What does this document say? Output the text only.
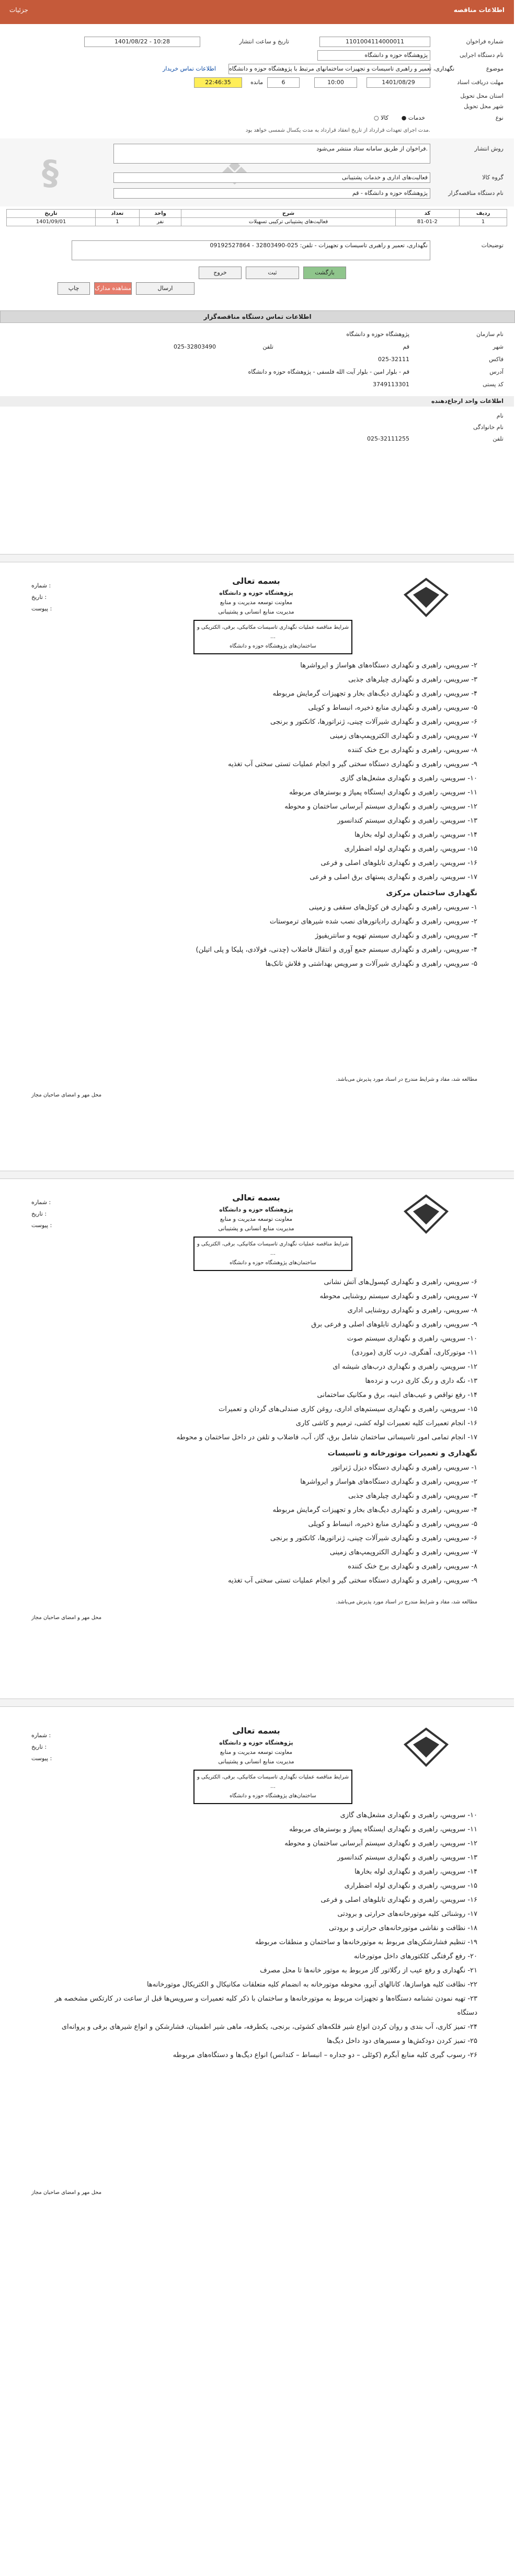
اطلاعات مناقصه
جزئیات
شماره فراخوان
1101004114000011
تاریخ و ساعت انتشار
1401/08/22 - 10:28
نام دستگاه اجرایی
پژوهشگاه حوزه و دانشگاه
موضوع
نگهداری، تعمیر و راهبری تاسیسات و تجهیزات ساختمانهای مرتبط با پژوهشگاه حوزه و دانشگاه
اطلاعات تماس خریدار
مهلت دریافت اسناد
1401/08/29
10:00
6
مانده
22:46:35
استان محل تحویل
شهر محل تحویل
نوع
● خدمات
○ کالا
مدت اجرای تعهدات قرارداد از تاریخ انعقاد قرارداد به مدت یکسال شمسی خواهد بود.
§
روش انتشار
فراخوان از طریق سامانه ستاد منتشر می‌شود.
گروه کالا
فعالیت‌های اداری و خدمات پشتیبانی
نام دستگاه مناقصه‌گزار
پژوهشگاه حوزه و دانشگاه - قم
تاریخ	تعداد	واحد	شرح	کد	ردیف
1401/09/01	1	نفر	فعالیت‌های پشتیبانی ترکیبی تسهیلات	81-01-2	1
توضیحات
نگهداری، تعمیر و راهبری تاسیسات و تجهیزات - تلفن: 025-32803490 - 09192527864
بازگشت
ثبت
خروج
ارسال
مشاهده مدارک
چاپ
اطلاعات تماس دستگاه مناقصه‌گزار
نام سازمان
پژوهشگاه حوزه و دانشگاه
شهر
قم
تلفن
025-32803490
فاکس
025-32111
آدرس
قم - بلوار امین - بلوار آیت الله فلسفی - پژوهشگاه حوزه و دانشگاه
کد پستی
3749113301
اطلاعات واحد ارجاع‌دهنده
نام
نام خانوادگی
تلفن
025-32111255
شماره :
تاریخ :
پیوست :
بسمه تعالی
پژوهشگاه حوزه و دانشگاه
معاونت توسعه مدیریت و منابع
مدیریت منابع انسانی و پشتیبانی
شرایط مناقصه عملیات نگهداری تاسیسات مکانیکی، برقی، الکتریکی و …
ساختمان‌های پژوهشگاه حوزه و دانشگاه
۲- سرویس، راهبری و نگهداری دستگاه‌های هواساز و ایرواشرها
۳- سرویس، راهبری و نگهداری چیلرهای جذبی
۴- سرویس، راهبری و نگهداری دیگ‌های بخار و تجهیزات گرمایش مربوطه
۵- سرویس، راهبری و نگهداری منابع ذخیره، انبساط و کویلی
۶- سرویس، راهبری و نگهداری شیرآلات چینی، ژنراتورها، کانکتور و برنجی
۷- سرویس، راهبری و نگهداری الکتروپمپ‌های زمینی
۸- سرویس، راهبری و نگهداری برج خنک کننده
۹- سرویس، راهبری و نگهداری دستگاه سختی گیر و انجام عملیات تستی سختی آب تغذیه
۱۰- سرویس، راهبری و نگهداری مشعل‌های گازی
۱۱- سرویس، راهبری و نگهداری ایستگاه پمپاژ و بوسترهای مربوطه
۱۲- سرویس، راهبری و نگهداری سیستم آبرسانی ساختمان و محوطه
۱۳- سرویس، راهبری و نگهداری سیستم کندانسور
۱۴- سرویس، راهبری و نگهداری لوله بخارها
۱۵- سرویس، راهبری و نگهداری لوله اضطراری
۱۶- سرویس، راهبری و نگهداری تابلوهای اصلی و فرعی
۱۷- سرویس، راهبری و نگهداری پستهای برق اصلی و فرعی
نگهداری ساختمان مرکزی
۱- سرویس، راهبری و نگهداری فن کوئل‌های سقفی و زمینی
۲- سرویس، راهبری و نگهداری رادیاتورهای نصب شده شیرهای ترموستات
۳- سرویس، راهبری و نگهداری سیستم تهویه و سانتریفیوژ
۴- سرویس، راهبری و نگهداری سیستم جمع آوری و انتقال فاضلاب (چدنی، فولادی، پلیکا و پلی اتیلن)
۵- سرویس، راهبری و نگهداری شیرآلات و سرویس بهداشتی و فلاش تانک‌ها
مطالعه شد، مفاد و شرایط مندرج در اسناد مورد پذیرش می‌باشد.
محل مهر و امضای صاحبان مجاز
شماره :
تاریخ :
پیوست :
بسمه تعالی
پژوهشگاه حوزه و دانشگاه
معاونت توسعه مدیریت و منابع
مدیریت منابع انسانی و پشتیبانی
شرایط مناقصه عملیات نگهداری تاسیسات مکانیکی، برقی، الکتریکی و …
ساختمان‌های پژوهشگاه حوزه و دانشگاه
۶- سرویس، راهبری و نگهداری کپسول‌های آتش نشانی
۷- سرویس، راهبری و نگهداری سیستم روشنایی محوطه
۸- سرویس، راهبری و نگهداری روشنایی اداری
۹- سرویس، راهبری و نگهداری تابلوهای اصلی و فرعی برق
۱۰- سرویس، راهبری و نگهداری سیستم صوت
۱۱- موتورکاری، آهنگری، درب کاری (موردی)
۱۲- سرویس، راهبری و نگهداری درب‌های شیشه ای
۱۳- نگه داری و رنگ کاری درب و نرده‌ها
۱۴- رفع نواقص و عیب‌های ابنیه، برق و مکانیک ساختمانی
۱۵- سرویس، راهبری و نگهداری سیستم‌های اداری، روغن کاری صندلی‌های گردان و تعمیرات
۱۶- انجام تعمیرات کلیه تعمیرات لوله کشی، ترمیم و کاشی کاری
۱۷- انجام تمامی امور تاسیساتی ساختمان شامل برق، گاز، آب، فاضلاب و تلفن در داخل ساختمان و محوطه
نگهداری و تعمیرات موتورخانه و تاسیسات
۱- سرویس، راهبری و نگهداری دستگاه دیزل ژنراتور
۲- سرویس، راهبری و نگهداری دستگاه‌های هواساز و ایرواشرها
۳- سرویس، راهبری و نگهداری چیلرهای جذبی
۴- سرویس، راهبری و نگهداری دیگ‌های بخار و تجهیزات گرمایش مربوطه
۵- سرویس، راهبری و نگهداری منابع ذخیره، انبساط و کویلی
۶- سرویس، راهبری و نگهداری شیرآلات چینی، ژنراتورها، کانکتور و برنجی
۷- سرویس، راهبری و نگهداری الکتروپمپ‌های زمینی
۸- سرویس، راهبری و نگهداری برج خنک کننده
۹- سرویس، راهبری و نگهداری دستگاه سختی گیر و انجام عملیات تستی سختی آب تغذیه
مطالعه شد، مفاد و شرایط مندرج در اسناد مورد پذیرش می‌باشد.
محل مهر و امضای صاحبان مجاز
شماره :
تاریخ :
پیوست :
بسمه تعالی
پژوهشگاه حوزه و دانشگاه
معاونت توسعه مدیریت و منابع
مدیریت منابع انسانی و پشتیبانی
شرایط مناقصه عملیات نگهداری تاسیسات مکانیکی، برقی، الکتریکی و …
ساختمان‌های پژوهشگاه حوزه و دانشگاه
۱۰- سرویس، راهبری و نگهداری مشعل‌های گازی
۱۱- سرویس، راهبری و نگهداری ایستگاه پمپاژ و بوسترهای مربوطه
۱۲- سرویس، راهبری و نگهداری سیستم آبرسانی ساختمان و محوطه
۱۳- سرویس، راهبری و نگهداری سیستم کندانسور
۱۴- سرویس، راهبری و نگهداری لوله بخارها
۱۵- سرویس، راهبری و نگهداری لوله اضطراری
۱۶- سرویس، راهبری و نگهداری تابلوهای اصلی و فرعی
۱۷- روشنائی کلیه موتورخانه‌های حرارتی و برودتی
۱۸- نظافت و نقاشی موتورخانه‌های حرارتی و برودتی
۱۹- تنظیم فشارشکن‌های مربوط به موتورخانه‌ها و ساختمان و منطقات مربوطه
۲۰- رفع گرفتگی کلکتورهای داخل موتورخانه
۲۱- نگهداری و رفع عیب از رگلاتور گاز مربوط به موتور خانه‌ها تا محل مصرف
۲۲- نظافت کلیه هواسازها، کانالهای آبرو، محوطه موتورخانه به انضمام کلیه متعلقات مکانیکال و الکتریکال موتورخانه‌ها
۲۳- تهیه نمودن تشنامه دستگاه‌ها و تجهیزات مربوط به موتورخانه‌ها و ساختمان با ذکر کلیه تعمیرات و سرویس‌ها قبل از ساعت در کارتکس مشخصه هر دستگاه
۲۴- تمیز کاری، آب بندی و روان کردن انواع شیر فلکه‌های کشوئی، برنجی، یکطرفه، ماهی شیر اطمینان، فشارشکن و انواع شیرهای برقی و پروانه‌ای
۲۵- تمیز کردن دودکش‌ها و مسیرهای دود داخل دیگ‌ها
۲۶- رسوب گیری کلیه منابع آبگرم (کوئلی – دو جداره – انبساط – کندانس) انواع دیگ‌ها و دستگاه‌های مربوطه
محل مهر و امضای صاحبان مجاز
